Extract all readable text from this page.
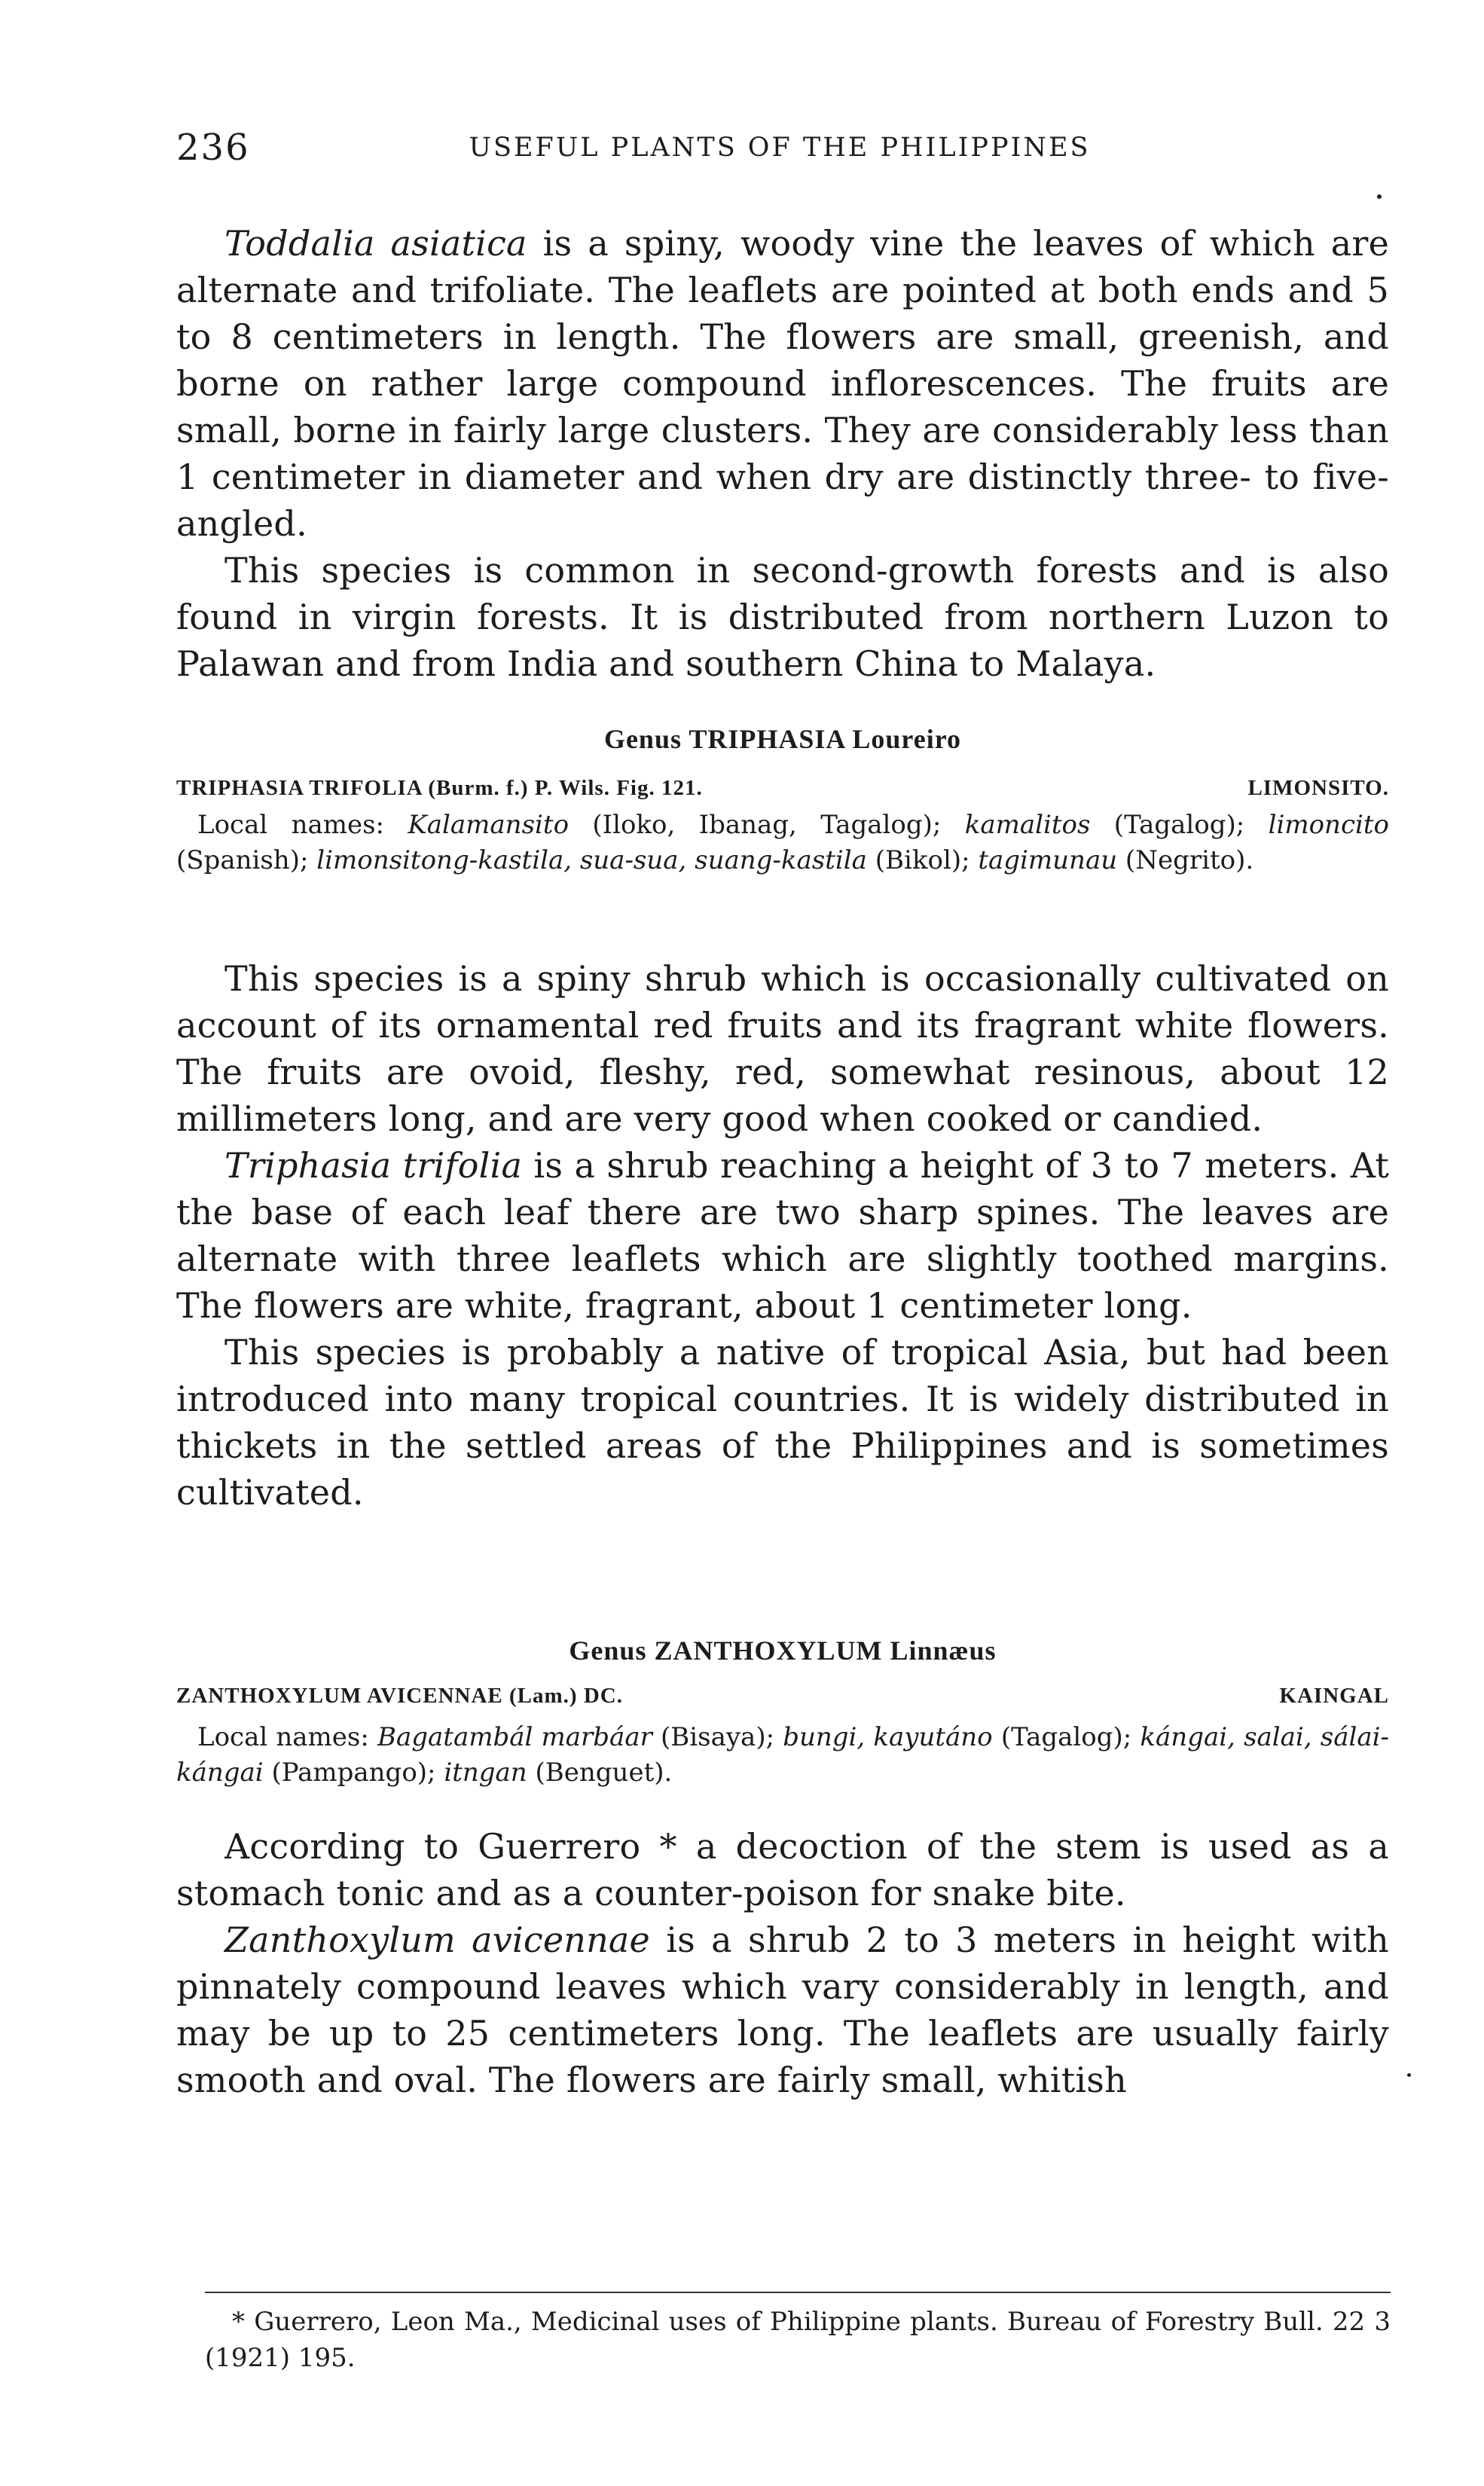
236	USEFUL PLANTS OF THE PHILIPPINES

Toddalia asiatica is a spiny, woody vine the leaves of which are alternate and trifoliate. The leaflets are pointed at both ends and 5 to 8 centimeters in length. The flowers are small, greenish, and borne on rather large compound inflorescences. The fruits are small, borne in fairly large clusters. They are considerably less than 1 centimeter in diameter and when dry are distinctly three- to five-angled.

This species is common in second-growth forests and is also found in virgin forests. It is distributed from northern Luzon to Palawan and from India and southern China to Malaya.

Genus TRIPHASIA Loureiro
TRIPHASIA TRIFOLIA (Burm. f.) P. Wils. Fig. 121.	LIMONSITO.

Local names: Kalamansito (Iloko, Ibanag, Tagalog); kamalitos (Tagalog); limoncito (Spanish); limonsitong-kastila, sua-sua, suang-kastila (Bikol); tagimunau (Negrito).

This species is a spiny shrub which is occasionally cultivated on account of its ornamental red fruits and its fragrant white flowers. The fruits are ovoid, fleshy, red, somewhat resinous, about 12 millimeters long, and are very good when cooked or candied.

Triphasia trifolia is a shrub reaching a height of 3 to 7 meters. At the base of each leaf there are two sharp spines. The leaves are alternate with three leaflets which are slightly toothed margins. The flowers are white, fragrant, about 1 centimeter long.

This species is probably a native of tropical Asia, but had been introduced into many tropical countries. It is widely distributed in thickets in the settled areas of the Philippines and is sometimes cultivated.

Genus ZANTHOXYLUM Linnæus
ZANTHOXYLUM AVICENNAE (Lam.) DC.	KAINGAL

Local names: Bagatambál marbáar (Bisaya); bungi, kayutáno (Tagalog); kángai, salai, sálai-kángai (Pampango); itngan (Benguet).

According to Guerrero * a decoction of the stem is used as a stomach tonic and as a counter-poison for snake bite.

Zanthoxylum avicennae is a shrub 2 to 3 meters in height with pinnately compound leaves which vary considerably in length, and may be up to 25 centimeters long. The leaflets are usually fairly smooth and oval. The flowers are fairly small, whitish

* Guerrero, Leon Ma., Medicinal uses of Philippine plants. Bureau of Forestry Bull. 22 3 (1921) 195.
